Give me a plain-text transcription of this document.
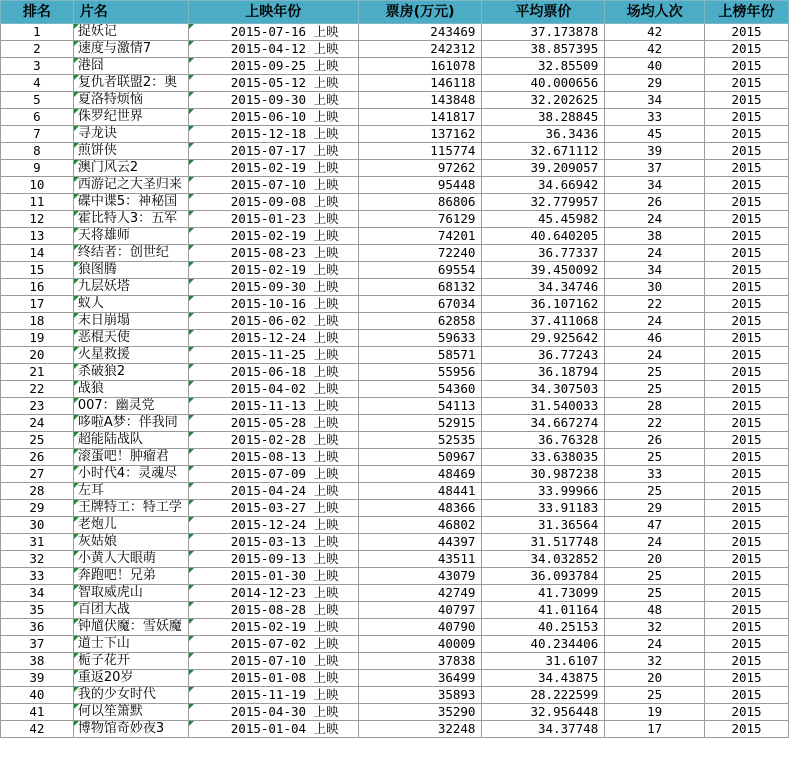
排名	片名	上映年份	票房(万元)	平均票价	场均人次	上榜年份
1	捉妖记	2015-07-16 上映	243469	37.173878	42	2015
2	速度与激情7	2015-04-12 上映	242312	38.857395	42	2015
3	港囧	2015-09-25 上映	161078	32.85509	40	2015
4	复仇者联盟2：奥	2015-05-12 上映	146118	40.000656	29	2015
5	夏洛特烦恼	2015-09-30 上映	143848	32.202625	34	2015
6	侏罗纪世界	2015-06-10 上映	141817	38.28845	33	2015
7	寻龙诀	2015-12-18 上映	137162	36.3436	45	2015
8	煎饼侠	2015-07-17 上映	115774	32.671112	39	2015
9	澳门风云2	2015-02-19 上映	97262	39.209057	37	2015
10	西游记之大圣归来	2015-07-10 上映	95448	34.66942	34	2015
11	碟中谍5：神秘国	2015-09-08 上映	86806	32.779957	26	2015
12	霍比特人3：五军	2015-01-23 上映	76129	45.45982	24	2015
13	天将雄师	2015-02-19 上映	74201	40.640205	38	2015
14	终结者：创世纪	2015-08-23 上映	72240	36.77337	24	2015
15	狼图腾	2015-02-19 上映	69554	39.450092	34	2015
16	九层妖塔	2015-09-30 上映	68132	34.34746	30	2015
17	蚁人	2015-10-16 上映	67034	36.107162	22	2015
18	末日崩塌	2015-06-02 上映	62858	37.411068	24	2015
19	恶棍天使	2015-12-24 上映	59633	29.925642	46	2015
20	火星救援	2015-11-25 上映	58571	36.77243	24	2015
21	杀破狼2	2015-06-18 上映	55956	36.18794	25	2015
22	战狼	2015-04-02 上映	54360	34.307503	25	2015
23	007：幽灵党	2015-11-13 上映	54113	31.540033	28	2015
24	哆啦A梦：伴我同	2015-05-28 上映	52915	34.667274	22	2015
25	超能陆战队	2015-02-28 上映	52535	36.76328	26	2015
26	滚蛋吧！肿瘤君	2015-08-13 上映	50967	33.638035	25	2015
27	小时代4：灵魂尽	2015-07-09 上映	48469	30.987238	33	2015
28	左耳	2015-04-24 上映	48441	33.99966	25	2015
29	王牌特工：特工学	2015-03-27 上映	48366	33.91183	29	2015
30	老炮儿	2015-12-24 上映	46802	31.36564	47	2015
31	灰姑娘	2015-03-13 上映	44397	31.517748	24	2015
32	小黄人大眼萌	2015-09-13 上映	43511	34.032852	20	2015
33	奔跑吧！兄弟	2015-01-30 上映	43079	36.093784	25	2015
34	智取威虎山	2014-12-23 上映	42749	41.73099	25	2015
35	百团大战	2015-08-28 上映	40797	41.01164	48	2015
36	钟馗伏魔：雪妖魔	2015-02-19 上映	40790	40.25153	32	2015
37	道士下山	2015-07-02 上映	40009	40.234406	24	2015
38	栀子花开	2015-07-10 上映	37838	31.6107	32	2015
39	重返20岁	2015-01-08 上映	36499	34.43875	20	2015
40	我的少女时代	2015-11-19 上映	35893	28.222599	25	2015
41	何以笙箫默	2015-04-30 上映	35290	32.956448	19	2015
42	博物馆奇妙夜3	2015-01-04 上映	32248	34.37748	17	2015
